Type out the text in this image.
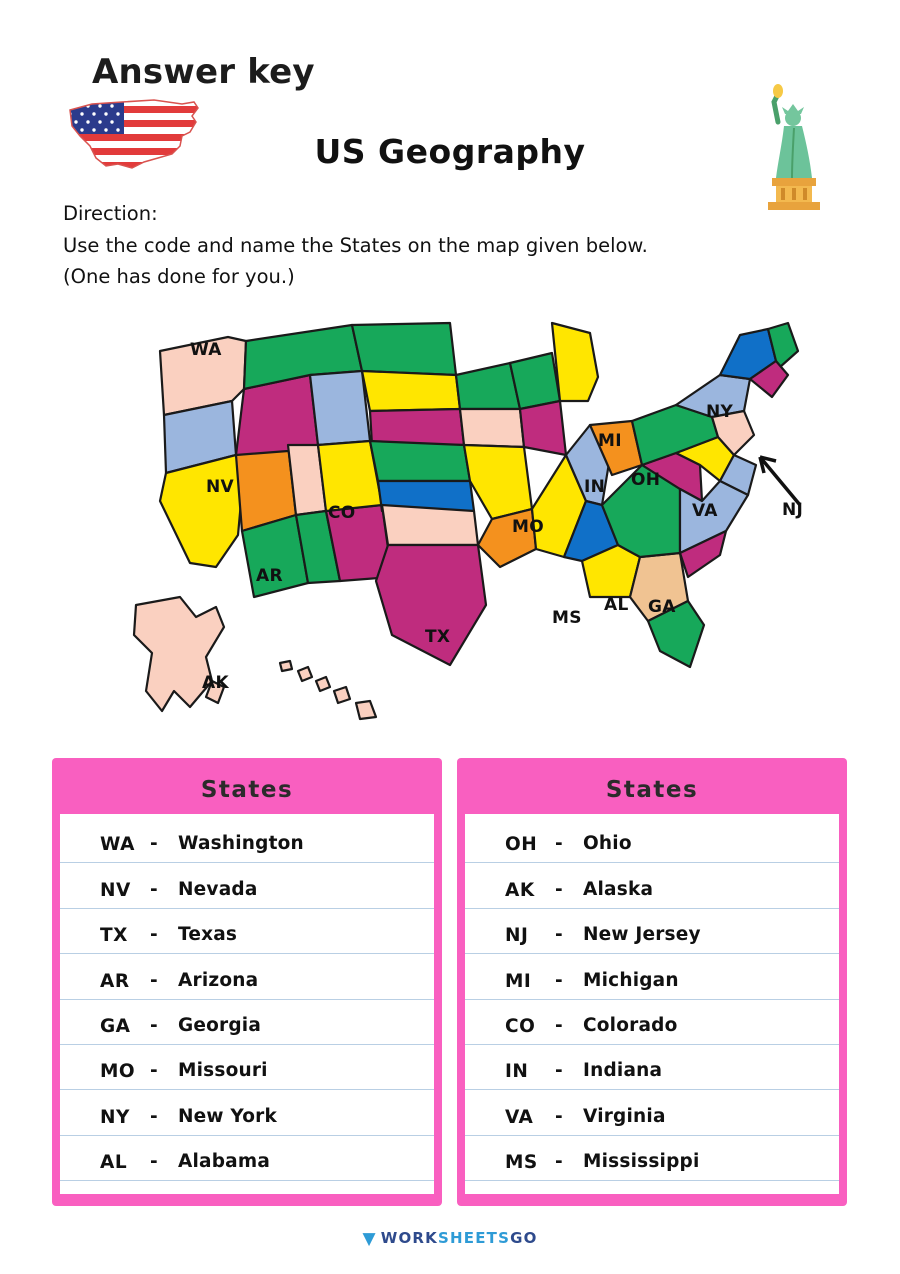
Answer key
US Geography
Direction:
Use the code and name the States on the map given below.
(One has done for you.)
WA
NV
CO
AR
TX
AK
MO
MS
AL GA
IN OH
MI
VA
NY
NJ
States
WA - Washington
NV - Nevada
TX - Texas
AR - Arizona
GA - Georgia
MO - Missouri
NY - New York
AL - Alabama
States
OH - Ohio
AK - Alaska
NJ - New Jersey
MI - Michigan
CO - Colorado
IN - Indiana
VA - Virginia
MS - Mississippi
▼ WORKSHEETSGO
